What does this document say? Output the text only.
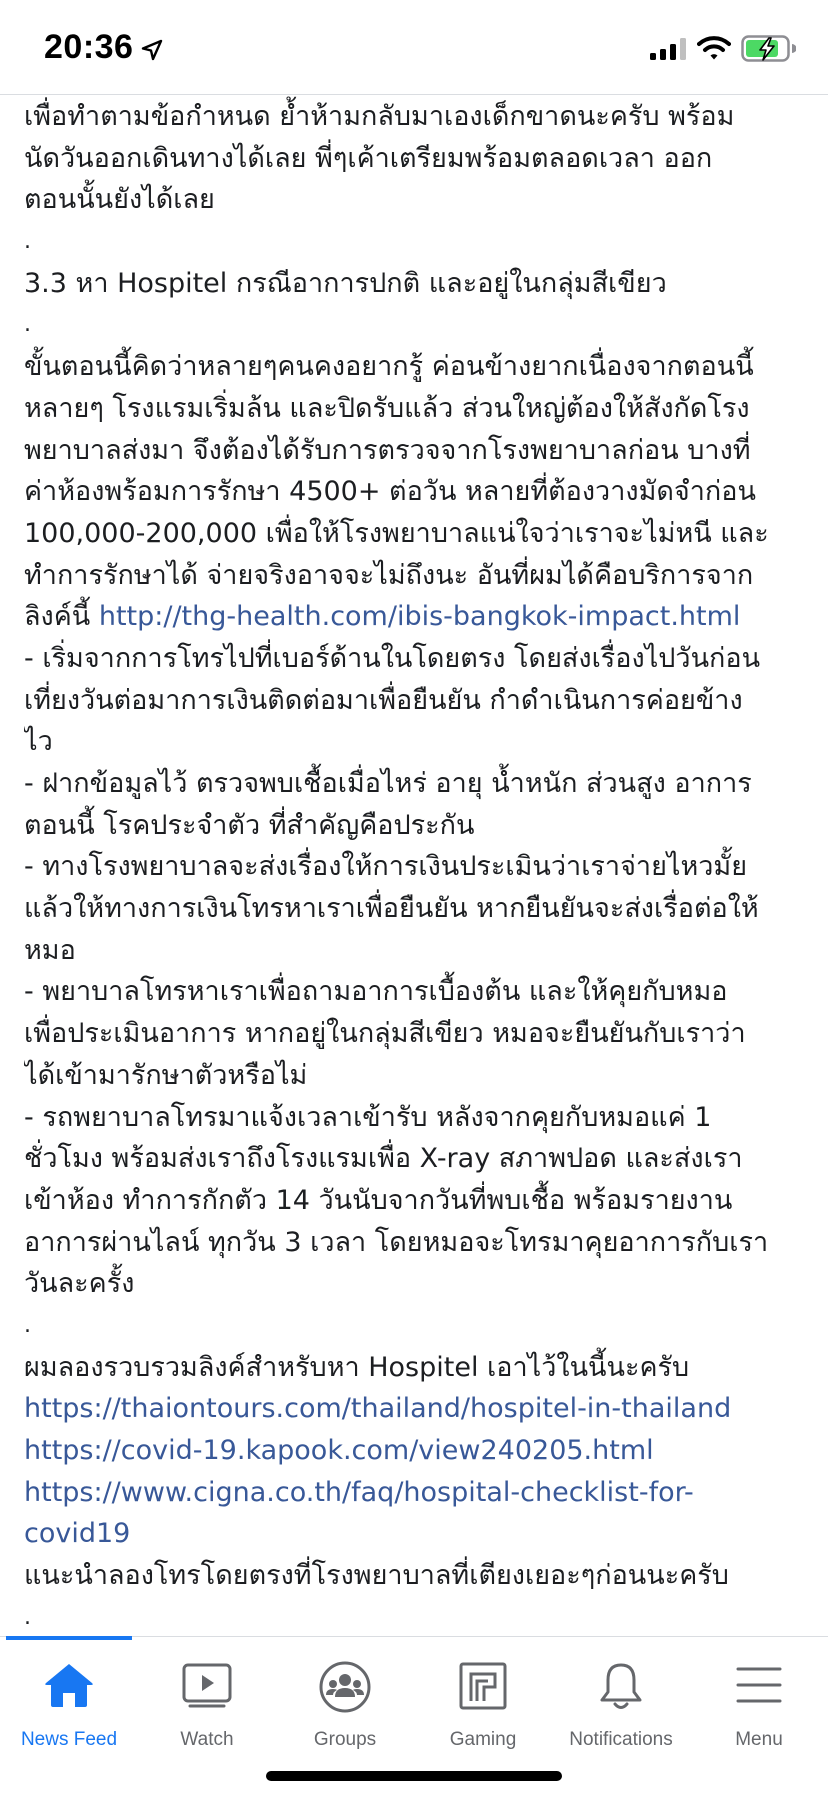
20:36
เพื่อทำตามข้อกำหนด ย้ำห้ามกลับมาเองเด็กขาดนะครับ พร้อม
นัดวันออกเดินทางได้เลย พี่ๆเค้าเตรียมพร้อมตลอดเวลา ออก
ตอนนั้นยังได้เลย
.
3.3 หา Hospitel กรณีอาการปกติ และอยู่ในกลุ่มสีเขียว
.
ขั้นตอนนี้คิดว่าหลายๆคนคงอยากรู้ ค่อนข้างยากเนื่องจากตอนนี้
หลายๆ โรงแรมเริ่มล้น และปิดรับแล้ว ส่วนใหญ่ต้องให้สังกัดโรง
พยาบาลส่งมา จึงต้องได้รับการตรวจจากโรงพยาบาลก่อน บางที่
ค่าห้องพร้อมการรักษา 4500+ ต่อวัน หลายที่ต้องวางมัดจำก่อน
100,000-200,000 เพื่อให้โรงพยาบาลแน่ใจว่าเราจะไม่หนี และ
ทำการรักษาได้ จ่ายจริงอาจจะไม่ถึงนะ อันที่ผมได้คือบริการจาก
ลิงค์นี้ http://thg-health.com/ibis-bangkok-impact.html
- เริ่มจากการโทรไปที่เบอร์ด้านในโดยตรง โดยส่งเรื่องไปวันก่อน
เที่ยงวันต่อมาการเงินติดต่อมาเพื่อยืนยัน กำดำเนินการค่อยข้าง
ไว
- ฝากข้อมูลไว้ ตรวจพบเชื้อเมื่อไหร่ อายุ น้ำหนัก ส่วนสูง อาการ
ตอนนี้ โรคประจำตัว ที่สำคัญคือประกัน
- ทางโรงพยาบาลจะส่งเรื่องให้การเงินประเมินว่าเราจ่ายไหวมั้ย
แล้วให้ทางการเงินโทรหาเราเพื่อยืนยัน หากยืนยันจะส่งเรื่อต่อให้
หมอ
- พยาบาลโทรหาเราเพื่อถามอาการเบื้องต้น และให้คุยกับหมอ
เพื่อประเมินอาการ หากอยู่ในกลุ่มสีเขียว หมอจะยืนยันกับเราว่า
ได้เข้ามารักษาตัวหรือไม่
- รถพยาบาลโทรมาแจ้งเวลาเข้ารับ หลังจากคุยกับหมอแค่ 1
ชั่วโมง พร้อมส่งเราถึงโรงแรมเพื่อ X-ray สภาพปอด และส่งเรา
เข้าห้อง ทำการกักตัว 14 วันนับจากวันที่พบเชื้อ พร้อมรายงาน
อาการผ่านไลน์ ทุกวัน 3 เวลา โดยหมอจะโทรมาคุยอาการกับเรา
วันละครั้ง
.
ผมลองรวบรวมลิงค์สำหรับหา Hospitel เอาไว้ในนี้นะครับ
https://thaiontours.com/thailand/hospitel-in-thailand
https://covid-19.kapook.com/view240205.html
https://www.cigna.co.th/faq/hospital-checklist-for-
covid19
แนะนำลองโทรโดยตรงที่โรงพยาบาลที่เตียงเยอะๆก่อนนะครับ
.
News Feed	Watch	Groups	Gaming	Notifications	Menu
